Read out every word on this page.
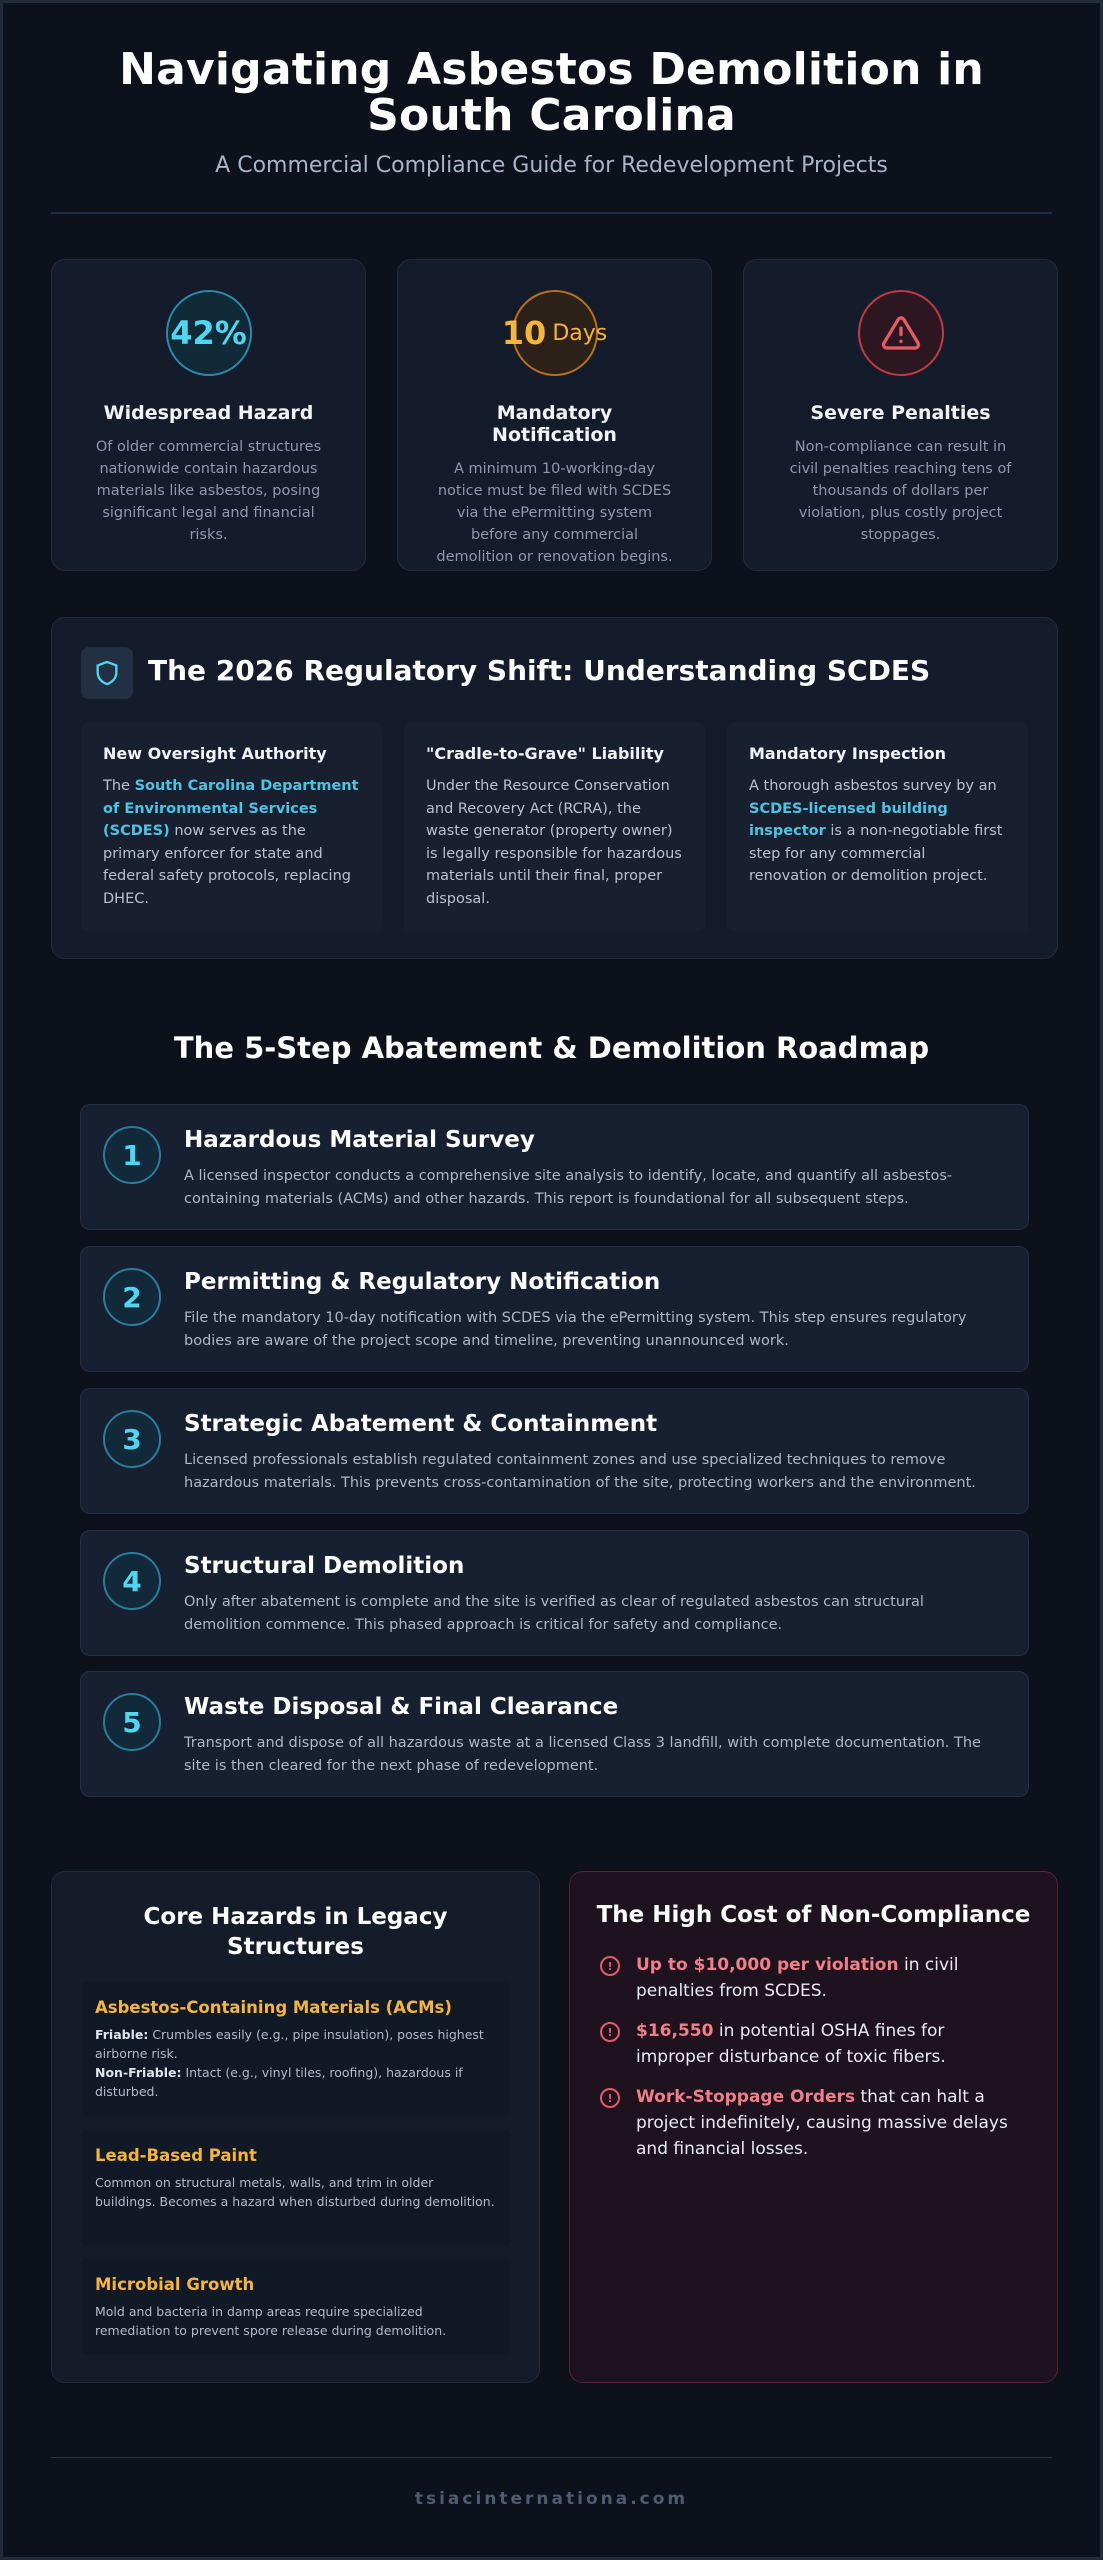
Navigating Asbestos Demolition in South Carolina
A Commercial Compliance Guide for Redevelopment Projects
42%
Widespread Hazard
Of older commercial structures nationwide contain hazardous materials like asbestos, posing significant legal and financial risks.
10 Days
Mandatory Notification
A minimum 10-working-day notice must be filed with SCDES via the ePermitting system before any commercial demolition or renovation begins.
Severe Penalties
Non-compliance can result in civil penalties reaching tens of thousands of dollars per violation, plus costly project stoppages.
The 2026 Regulatory Shift: Understanding SCDES
New Oversight Authority
The South Carolina Department of Environmental Services (SCDES) now serves as the primary enforcer for state and federal safety protocols, replacing DHEC.
"Cradle-to-Grave" Liability
Under the Resource Conservation and Recovery Act (RCRA), the waste generator (property owner) is legally responsible for hazardous materials until their final, proper disposal.
Mandatory Inspection
A thorough asbestos survey by an SCDES-licensed building inspector is a non-negotiable first step for any commercial renovation or demolition project.
The 5-Step Abatement & Demolition Roadmap
1	Hazardous Material Survey
A licensed inspector conducts a comprehensive site analysis to identify, locate, and quantify all asbestos-containing materials (ACMs) and other hazards. This report is foundational for all subsequent steps.
2	Permitting & Regulatory Notification
File the mandatory 10-day notification with SCDES via the ePermitting system. This step ensures regulatory bodies are aware of the project scope and timeline, preventing unannounced work.
3	Strategic Abatement & Containment
Licensed professionals establish regulated containment zones and use specialized techniques to remove hazardous materials. This prevents cross-contamination of the site, protecting workers and the environment.
4	Structural Demolition
Only after abatement is complete and the site is verified as clear of regulated asbestos can structural demolition commence. This phased approach is critical for safety and compliance.
5	Waste Disposal & Final Clearance
Transport and dispose of all hazardous waste at a licensed Class 3 landfill, with complete documentation. The site is then cleared for the next phase of redevelopment.
Core Hazards in Legacy Structures
Asbestos-Containing Materials (ACMs)
Friable: Crumbles easily (e.g., pipe insulation), poses highest airborne risk.
Non-Friable: Intact (e.g., vinyl tiles, roofing), hazardous if disturbed.
Lead-Based Paint
Common on structural metals, walls, and trim in older buildings. Becomes a hazard when disturbed during demolition.
Microbial Growth
Mold and bacteria in damp areas require specialized remediation to prevent spore release during demolition.
The High Cost of Non-Compliance
!	Up to $10,000 per violation in civil penalties from SCDES.
!	$16,550 in potential OSHA fines for improper disturbance of toxic fibers.
!	Work-Stoppage Orders that can halt a project indefinitely, causing massive delays and financial losses.
tsiacinternationa.com
